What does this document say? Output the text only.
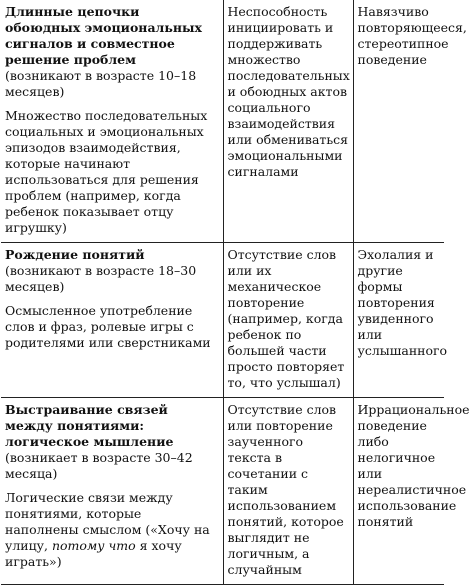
Длинные цепочки обоюдных эмоциональных сигналов и совместное решение проблем
(возникают в возрасте 10–18 месяцев)
Множество последовательных социальных и эмоциональных эпизодов взаимодействия, которые начинают использоваться для решения проблем (например, когда ребенок показывает отцу игрушку)	Неспособность инициировать и поддерживать множество последовательных и обоюдных актов социального взаимодействия или обмениваться эмоциональными сигналами	Навязчиво повторяющееся, стереотипное поведение
Рождение понятий
(возникают в возрасте 18–30 месяцев)
Осмысленное употребление слов и фраз, ролевые игры с родителями или сверстниками	Отсутствие слов или их механическое повторение (например, когда ребенок по большей части просто повторяет то, что услышал)	Эхолалия и другие формы повторения увиденного или услышанного
Выстраивание связей между понятиями: логическое мышление
(возникает в возрасте 30–42 месяца)
Логические связи между понятиями, которые наполнены смыслом («Хочу на улицу, потому что я хочу играть»)	Отсутствие слов или повторение заученного текста в сочетании с таким использованием понятий, которое выглядит не логичным, а случайным	Иррациональное поведение либо нелогичное или нереалистичное использование понятий
